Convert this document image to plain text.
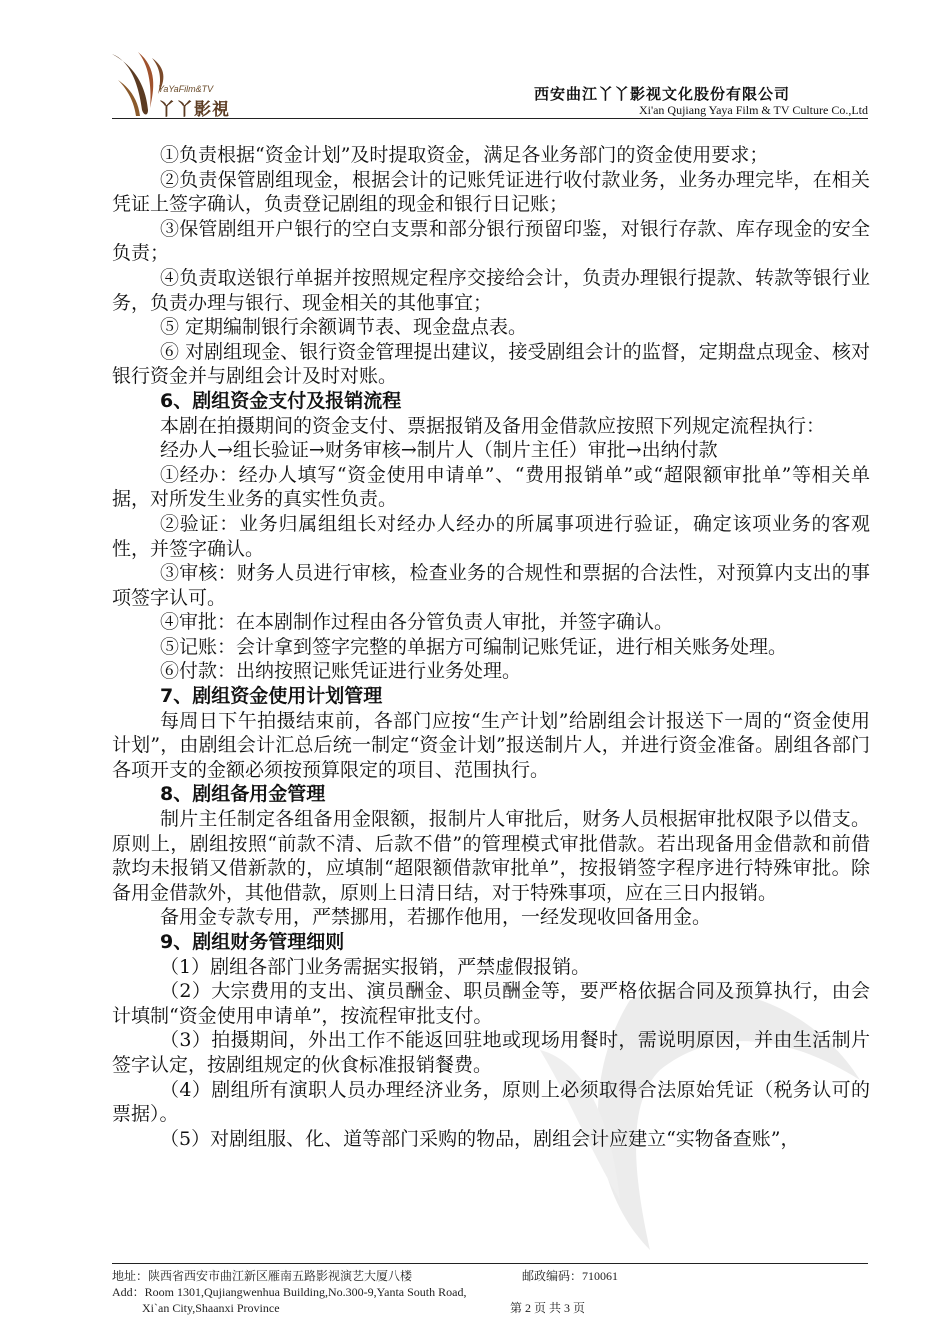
YaYaFilm&TV
丫丫影視
西安曲江丫丫影视文化股份有限公司
Xi'an Qujiang Yaya Film & TV Culture Co.,Ltd

①负责根据“资金计划”及时提取资金，满足各业务部门的资金使用要求；

②负责保管剧组现金，根据会计的记账凭证进行收付款业务，业务办理完毕，在相关凭证上签字确认，负责登记剧组的现金和银行日记账；

③保管剧组开户银行的空白支票和部分银行预留印鉴，对银行存款、库存现金的安全负责；

④负责取送银行单据并按照规定程序交接给会计，负责办理银行提款、转款等银行业务，负责办理与银行、现金相关的其他事宜；

⑤ 定期编制银行余额调节表、现金盘点表。

⑥ 对剧组现金、银行资金管理提出建议，接受剧组会计的监督，定期盘点现金、核对银行资金并与剧组会计及时对账。

6、剧组资金支付及报销流程

本剧在拍摄期间的资金支付、票据报销及备用金借款应按照下列规定流程执行：

经办人→组长验证→财务审核→制片人（制片主任）审批→出纳付款

①经办：经办人填写“资金使用申请单”、“费用报销单”或“超限额审批单”等相关单据，对所发生业务的真实性负责。

②验证：业务归属组组长对经办人经办的所属事项进行验证，确定该项业务的客观性，并签字确认。

③审核：财务人员进行审核，检查业务的合规性和票据的合法性，对预算内支出的事项签字认可。

④审批：在本剧制作过程由各分管负责人审批，并签字确认。

⑤记账：会计拿到签字完整的单据方可编制记账凭证，进行相关账务处理。

⑥付款：出纳按照记账凭证进行业务处理。

7、剧组资金使用计划管理

每周日下午拍摄结束前，各部门应按“生产计划”给剧组会计报送下一周的“资金使用计划”，由剧组会计汇总后统一制定“资金计划”报送制片人，并进行资金准备。剧组各部门各项开支的金额必须按预算限定的项目、范围执行。

8、剧组备用金管理

制片主任制定各组备用金限额，报制片人审批后，财务人员根据审批权限予以借支。原则上，剧组按照“前款不清、后款不借”的管理模式审批借款。若出现备用金借款和前借款均未报销又借新款的，应填制“超限额借款审批单”，按报销签字程序进行特殊审批。除备用金借款外，其他借款，原则上日清日结，对于特殊事项，应在三日内报销。

备用金专款专用，严禁挪用，若挪作他用，一经发现收回备用金。

9、剧组财务管理细则

（1）剧组各部门业务需据实报销，严禁虚假报销。

（2）大宗费用的支出、演员酬金、职员酬金等，要严格依据合同及预算执行，由会计填制“资金使用申请单”，按流程审批支付。

（3）拍摄期间，外出工作不能返回驻地或现场用餐时，需说明原因，并由生活制片签字认定，按剧组规定的伙食标准报销餐费。

（4）剧组所有演职人员办理经济业务，原则上必须取得合法原始凭证（税务认可的票据）。

（5）对剧组服、化、道等部门采购的物品，剧组会计应建立“实物备查账”，

地址：陕西省西安市曲江新区雁南五路影视演艺大厦八楼	邮政编码：710061
Add：Room 1301,Qujiangwenhua Building,No.300-9,Yanta South Road,
Xi`an City,Shaanxi Province	第 2 页 共 3 页
